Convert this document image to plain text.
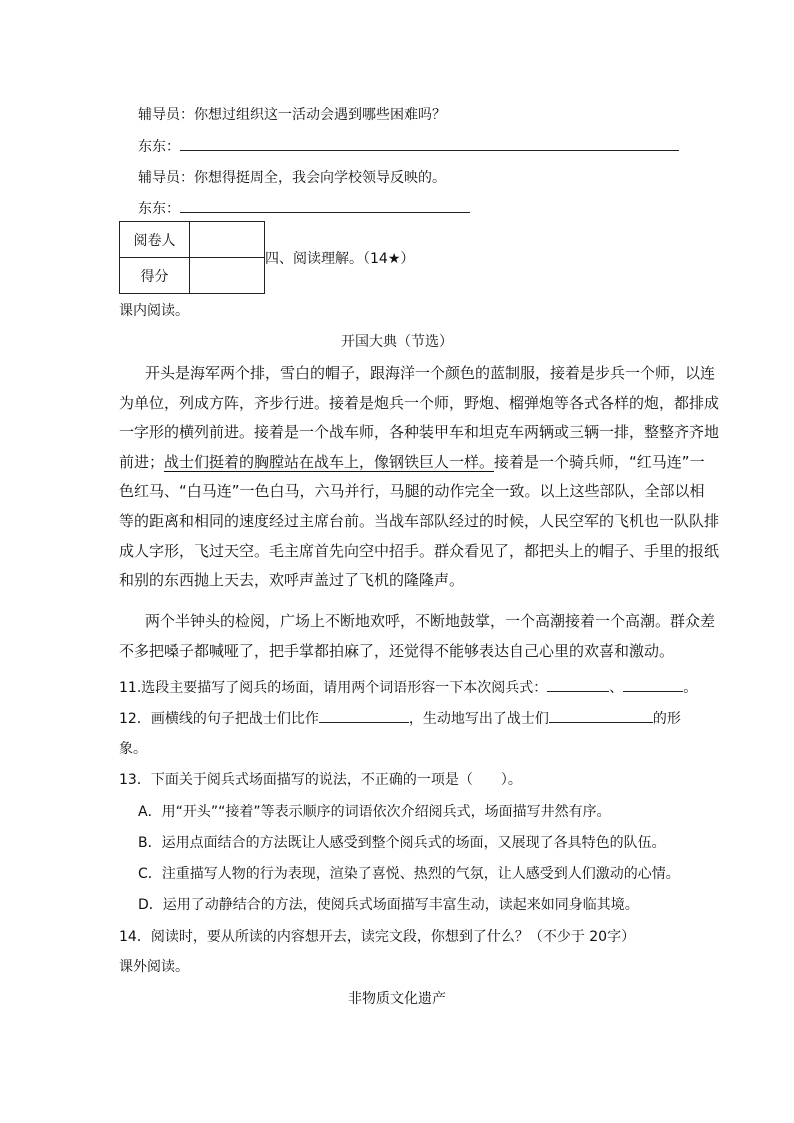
辅导员：你想过组织这一活动会遇到哪些困难吗？
东东：
辅导员：你想得挺周全，我会向学校领导反映的。
东东：
阅卷人	
得分	
四、阅读理解。（14★）
课内阅读。
开国大典（节选）
开头是海军两个排，雪白的帽子，跟海洋一个颜色的蓝制服，接着是步兵一个师，以连
为单位，列成方阵，齐步行进。接着是炮兵一个师，野炮、榴弹炮等各式各样的炮，都排成
一字形的横列前进。接着是一个战车师，各种装甲车和坦克车两辆或三辆一排，整整齐齐地
前进；战士们挺着的胸膛站在战车上，像钢铁巨人一样。接着是一个骑兵师，“红马连”一
色红马、“白马连”一色白马，六马并行，马腿的动作完全一致。以上这些部队，全部以相
等的距离和相同的速度经过主席台前。当战车部队经过的时候，人民空军的飞机也一队队排
成人字形，飞过天空。毛主席首先向空中招手。群众看见了，都把头上的帽子、手里的报纸
和别的东西抛上天去，欢呼声盖过了飞机的隆隆声。
两个半钟头的检阅，广场上不断地欢呼，不断地鼓掌，一个高潮接着一个高潮。群众差
不多把嗓子都喊哑了，把手掌都拍麻了，还觉得不能够表达自己心里的欢喜和激动。
11.选段主要描写了阅兵的场面，请用两个词语形容一下本次阅兵式：	、	。
12．画横线的句子把战士们比作	，生动地写出了战士们	的形
象。
13．下面关于阅兵式场面描写的说法，不正确的一项是（　　）。
A．用“开头”“接着”等表示顺序的词语依次介绍阅兵式，场面描写井然有序。
B．运用点面结合的方法既让人感受到整个阅兵式的场面，又展现了各具特色的队伍。
C．注重描写人物的行为表现，渲染了喜悦、热烈的气氛，让人感受到人们激动的心情。
D．运用了动静结合的方法，使阅兵式场面描写丰富生动，读起来如同身临其境。
14．阅读时，要从所读的内容想开去，读完文段，你想到了什么？（不少于 20字）
课外阅读。
非物质文化遗产
